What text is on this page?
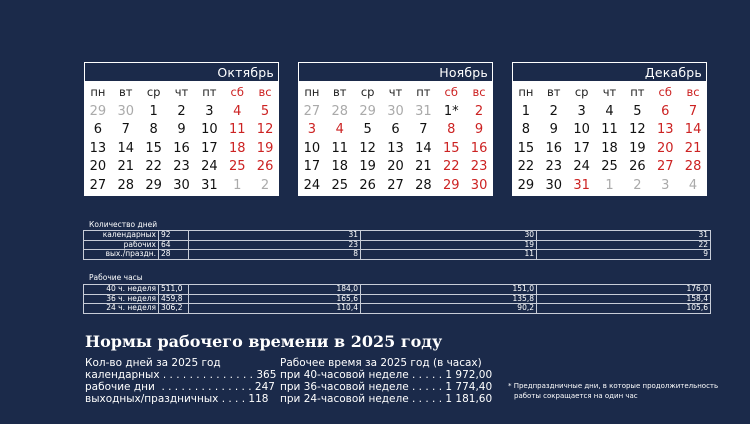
Октябрь
пн	вт	ср	чт	пт	сб	вс
29 30	1	2	3	4	5
6	7	8	9	10 11 12
13 14 15 16 17 18 19
20 21 22 23 24 25 26
27 28 29 30 31	1	2
Ноябрь
пн	вт	ср	чт	пт	сб	вс
27 28 29 30 31 1*	2
3	4	5	6	7	8	9
10 11 12 13 14 15 16
17 18 19 20 21 22 23
24 25 26 27 28 29 30
Декабрь
пн	вт	ср	чт	пт	сб	вс
1	2	3	4	5	6	7
8	9	10 11 12 13 14
15 16 17 18 19 20 21
22 23 24 25 26 27 28
29 30 31	1	2	3	4
Количество дней
календарных	92	31	30	31
рабочих	64	23	19	22
вых./праздн.	28	8	11	9
Рабочие часы
40 ч. неделя	511,0	184,0	151,0	176,0
36 ч. неделя	459,8	165,6	135,8	158,4
24 ч. неделя	306,2	110,4	90,2	105,6
Нормы рабочего времени в 2025 году
Кол-во дней за 2025 год
календарных . . . . . . . . . . . . . . 365
рабочие дни  . . . . . . . . . . . . . . 247
выходных/праздничных . . . . 118
Рабочее время за 2025 год (в часах)
при 40-часовой неделе . . . . . 1 972,00
при 36-часовой неделе . . . . . 1 774,40
при 24-часовой неделе . . . . . 1 181,60
* Предпраздничные дни, в которые продолжительность
работы сокращается на один час
